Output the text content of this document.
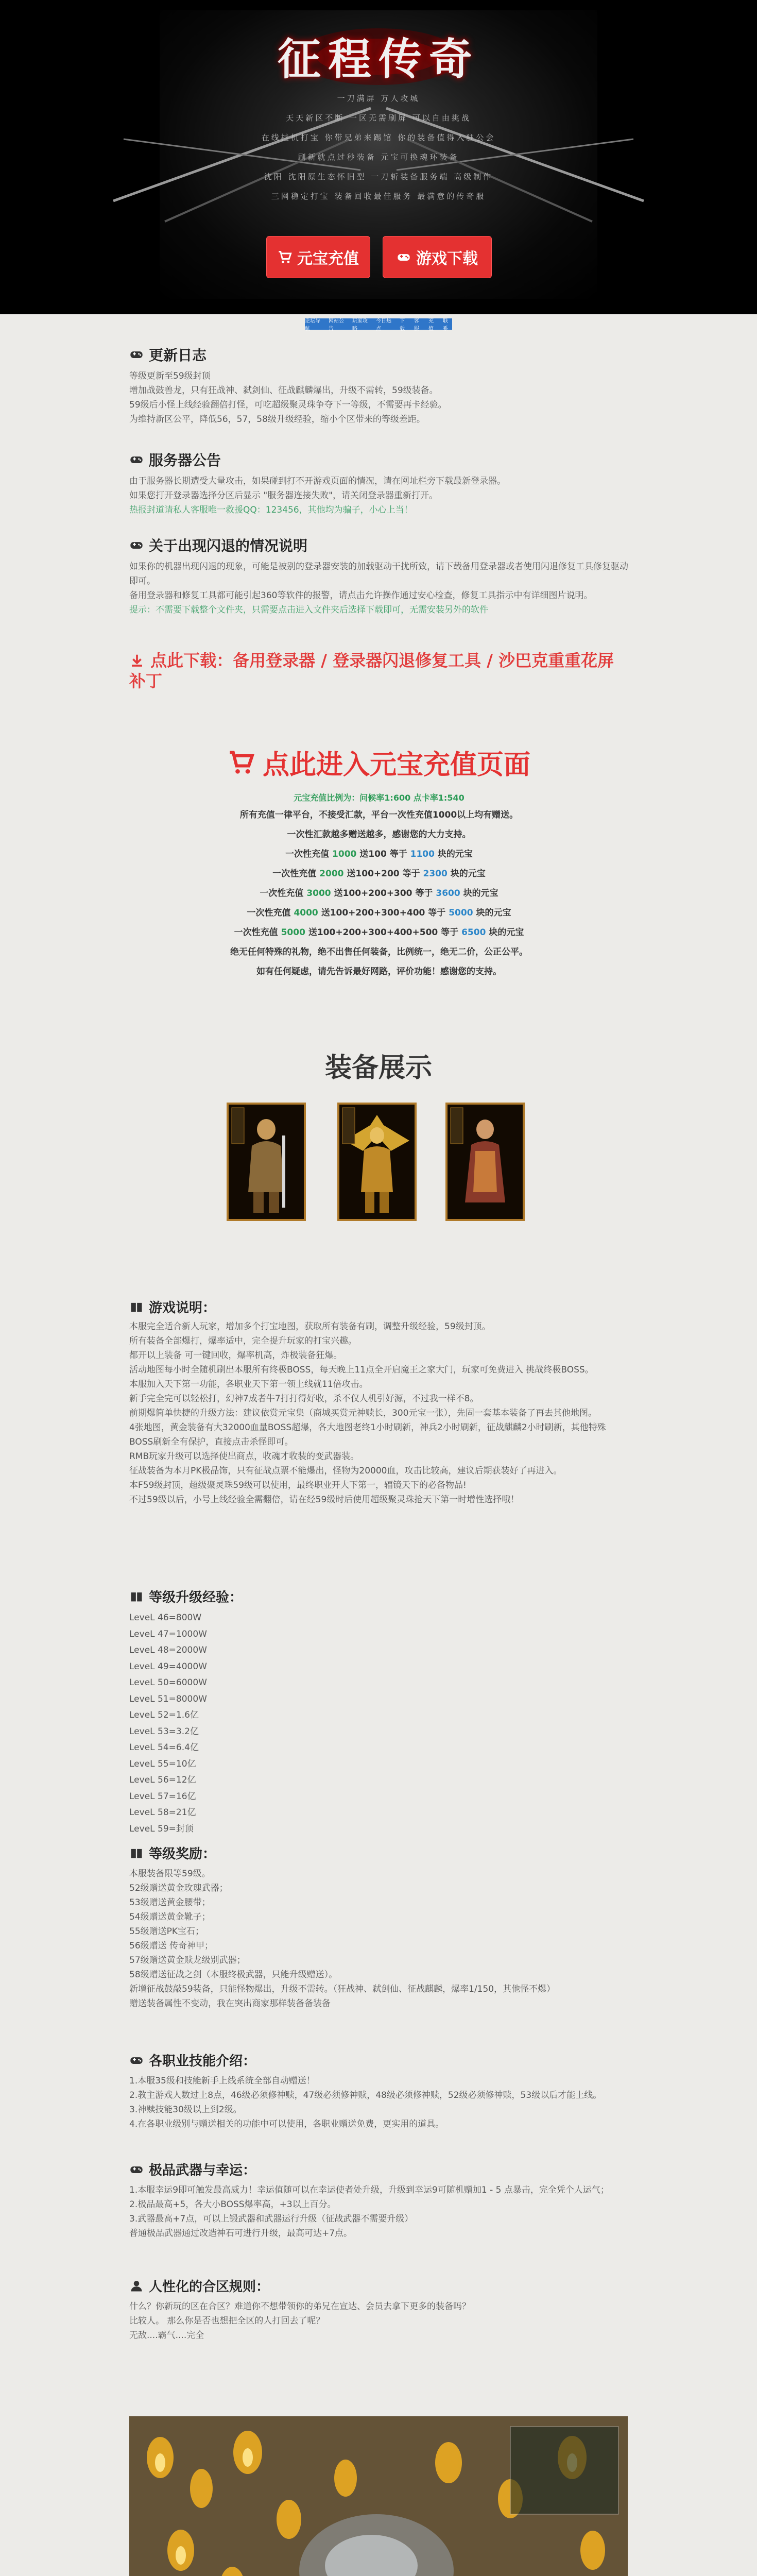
征程传奇
一刀满屏 万人攻城
天天新区不断 一区无需刷屏 可以自由挑战
在线挂机打宝 你带兄弟来踢馆 你的装备值得入驻公会
刷新就点过秒装备 元宝可换魂环装备
沈阳 沈阳原生态怀旧型 一刀斩装备服务端 高级制作
三网稳定打宝 装备回收最佳服务 最满意的传奇服
元宝充值	游戏下载
论坛导航
网站公告
玩家攻略
今日热点
下载
客服
充值
联系
更新日志

等级更新至59级封顶

增加战鼓兽龙，只有狂战神、弑剑仙、征战麒麟爆出，升级不需转，59级装备。

59级后小怪上线经验翻倍打怪，可吃超级聚灵珠争夺下一等级，不需要再卡经验。

为维持新区公平，降低56，57，58级升级经验，缩小个区带来的等级差距。

服务器公告

由于服务器长期遭受大量攻击，如果碰到打不开游戏页面的情况，请在网址栏旁下载最新登录器。

如果您打开登录器选择分区后显示 "服务器连接失败"，请关闭登录器重新打开。

热报封道请私人客服唯一救援QQ：123456，其他均为骗子，小心上当！

关于出现闪退的情况说明

如果你的机器出现闪退的现象，可能是被别的登录器安装的加载驱动干扰所致，请下载备用登录器或者使用闪退修复工具修复驱动即可。

备用登录器和修复工具都可能引起360等软件的报警，请点击允许操作通过安心检查，修复工具指示中有详细图片说明。

提示：不需要下载整个文件夹，只需要点击进入文件夹后选择下载即可，无需安装另外的软件

点此下载：备用登录器 / 登录器闪退修复工具 / 沙巴克重重花屏补丁
点此进入元宝充值页面
元宝充值比例为：问候率1:600 点卡率1:540
所有充值一律平台，不接受汇款，平台一次性充值1000以上均有赠送。
一次性汇款越多赠送越多，感谢您的大力支持。
一次性充值 1000 送100 等于 1100 块的元宝
一次性充值 2000 送100+200 等于 2300 块的元宝
一次性充值 3000 送100+200+300 等于 3600 块的元宝
一次性充值 4000 送100+200+300+400 等于 5000 块的元宝
一次性充值 5000 送100+200+300+400+500 等于 6500 块的元宝
绝无任何特殊的礼物，绝不出售任何装备，比例统一，绝无二价，公正公平。
如有任何疑虑，请先告诉最好网路，评价功能！感谢您的支持。
装备展示
游戏说明：

本服完全适合新人玩家，增加多个打宝地图，获取所有装备有刷，调整升级经验，59级封顶。

所有装备全部爆打，爆率适中，完全提升玩家的打宝兴趣。

都开以上装备 可一键回收，爆率机高，炸极装备狂爆。

活动地图每小时全随机刷出本服所有终极BOSS，每天晚上11点全开启魔王之家大门，玩家可免费进入 挑战终极BOSS。

本服加入天下第一功能，各职业天下第一领上线就11倍攻击。

新手完全完可以轻松打，幻神7成者牛7打打得好收，杀不仅人机引好源，不过我一样不8。

前期爆简单快捷的升级方法：建议依赏元宝集（商城买赏元神赎长，300元宝一张），先固一套基本装备了再去其他地图。

4张地图，黄金装备有大32000血量BOSS超爆，各大地图老终1小时刷新，神兵2小时刷新，征战麒麟2小时刷新，其他特殊BOSS刷新全有保护，直接点击杀怪即可。

RMB玩家升级可以选择使出商点，收魂才收装的变武器装。

征战装备为本月PK极品饰，只有征战点票不能爆出，怪物为20000血，攻击比较高，建议后期获装好了再进入。

本F59级封顶，超级聚灵珠59级可以使用，最终职业开大下第一，辐镜天下的必备物品!

不过59级以后，小号上线经验全需翻倍，请在经59级时后使用超级聚灵珠抢天下第一时增性选择哦！

等级升级经验：

LeveL 46=800W

LeveL 47=1000W

LeveL 48=2000W

LeveL 49=4000W

LeveL 50=6000W

LeveL 51=8000W

LeveL 52=1.6亿

LeveL 53=3.2亿

LeveL 54=6.4亿

LeveL 55=10亿

LeveL 56=12亿

LeveL 57=16亿

LeveL 58=21亿

LeveL 59=封顶

等级奖励：

本服装备限等59级。

52级赠送黄金玫瑰武器；

53级赠送黄金腰带；

54级赠送黄金靴子；

55级赠送PK宝石；

56级赠送 传奇神甲；

57级赠送黄金赎龙级别武器；

58级赠送征战之剑（本服终极武器，只能升级赠送）。

新增征战鼓敲59装备，只能怪物爆出，升级不需转。（狂战神、弑剑仙、征战麒麟，爆率1/150，其他怪不爆）

赠送装备属性不变动，我在突出商家那样装备备装备

各职业技能介绍：

1.本服35级和技能新手上线系统全部自动赠送！

2.教主游戏人数过上8点，46级必须修神赎，47级必须修神赎，48级必须修神赎，52级必须修神赎，53级以后才能上线。

3.神赎技能30级以上到2级。

4.在各职业级别与赠送相关的功能中可以使用，各职业赠送免费，更实用的道具。

极品武器与幸运：

1.本服幸运9即可触发最高威力！幸运值随可以在幸运使者处升级，升级到幸运9可随机赠加1 - 5 点暴击，完全凭个人运气；

2.极品最高+5，各大小BOSS爆率高，+3以上百分。

3.武器最高+7点，可以上锻武器和武器运行升级（征战武器不需要升级）

普通极品武器通过改造神石可进行升级，最高可达+7点。

人性化的合区规则：

什么？你新玩的区在合区？难道你不想带领你的弟兄在宣达、会员去拿下更多的装备吗？

比较人。 那么你是否也想把全区的人打回去了呢？

无敌....霸气....完全
